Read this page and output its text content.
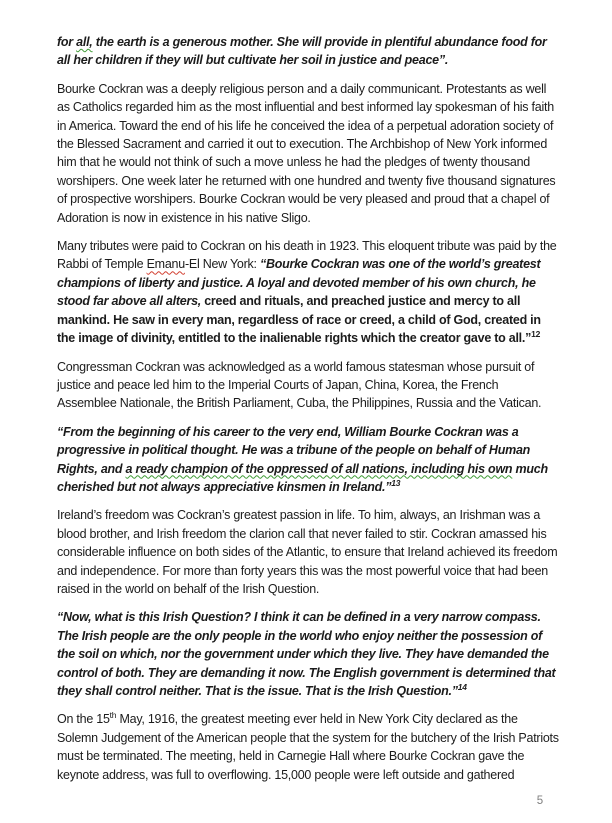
for all, the earth is a generous mother. She will provide in plentiful abundance food for all her children if they will but cultivate her soil in justice and peace”.

Bourke Cockran was a deeply religious person and a daily communicant. Protestants as well as Catholics regarded him as the most influential and best informed lay spokesman of his faith in America. Toward the end of his life he conceived the idea of a perpetual adoration society of the Blessed Sacrament and carried it out to execution. The Archbishop of New York informed him that he would not think of such a move unless he had the pledges of twenty thousand worshipers. One week later he returned with one hundred and twenty five thousand signatures of prospective worshipers. Bourke Cockran would be very pleased and proud that a chapel of Adoration is now in existence in his native Sligo.

Many tributes were paid to Cockran on his death in 1923. This eloquent tribute was paid by the Rabbi of Temple Emanu-El New York: “Bourke Cockran was one of the world’s greatest champions of liberty and justice. A loyal and devoted member of his own church, he stood far above all alters, creed and rituals, and preached justice and mercy to all mankind. He saw in every man, regardless of race or creed, a child of God, created in the image of divinity, entitled to the inalienable rights which the creator gave to all.”$^{12}$

Congressman Cockran was acknowledged as a world famous statesman whose pursuit of justice and peace led him to the Imperial Courts of Japan, China, Korea, the French Assemblee Nationale, the British Parliament, Cuba, the Philippines, Russia and the Vatican.

“From the beginning of his career to the very end, William Bourke Cockran was a progressive in political thought. He was a tribune of the people on behalf of Human Rights, and a ready champion of the oppressed of all nations, including his own much cherished but not always appreciative kinsmen in Ireland.”$^{13}$

Ireland’s freedom was Cockran’s greatest passion in life. To him, always, an Irishman was a blood brother, and Irish freedom the clarion call that never failed to stir. Cockran amassed his considerable influence on both sides of the Atlantic, to ensure that Ireland achieved its freedom and independence. For more than forty years this was the most powerful voice that had been raised in the world on behalf of the Irish Question.

“Now, what is this Irish Question? I think it can be defined in a very narrow compass. The Irish people are the only people in the world who enjoy neither the possession of the soil on which, nor the government under which they live. They have demanded the control of both. They are demanding it now. The English government is determined that they shall control neither. That is the issue. That is the Irish Question.”$^{14}$

On the 15th May, 1916, the greatest meeting ever held in New York City declared as the Solemn Judgement of the American people that the system for the butchery of the Irish Patriots must be terminated. The meeting, held in Carnegie Hall where Bourke Cockran gave the keynote address, was full to overflowing. 15,000 people were left outside and gathered

5
